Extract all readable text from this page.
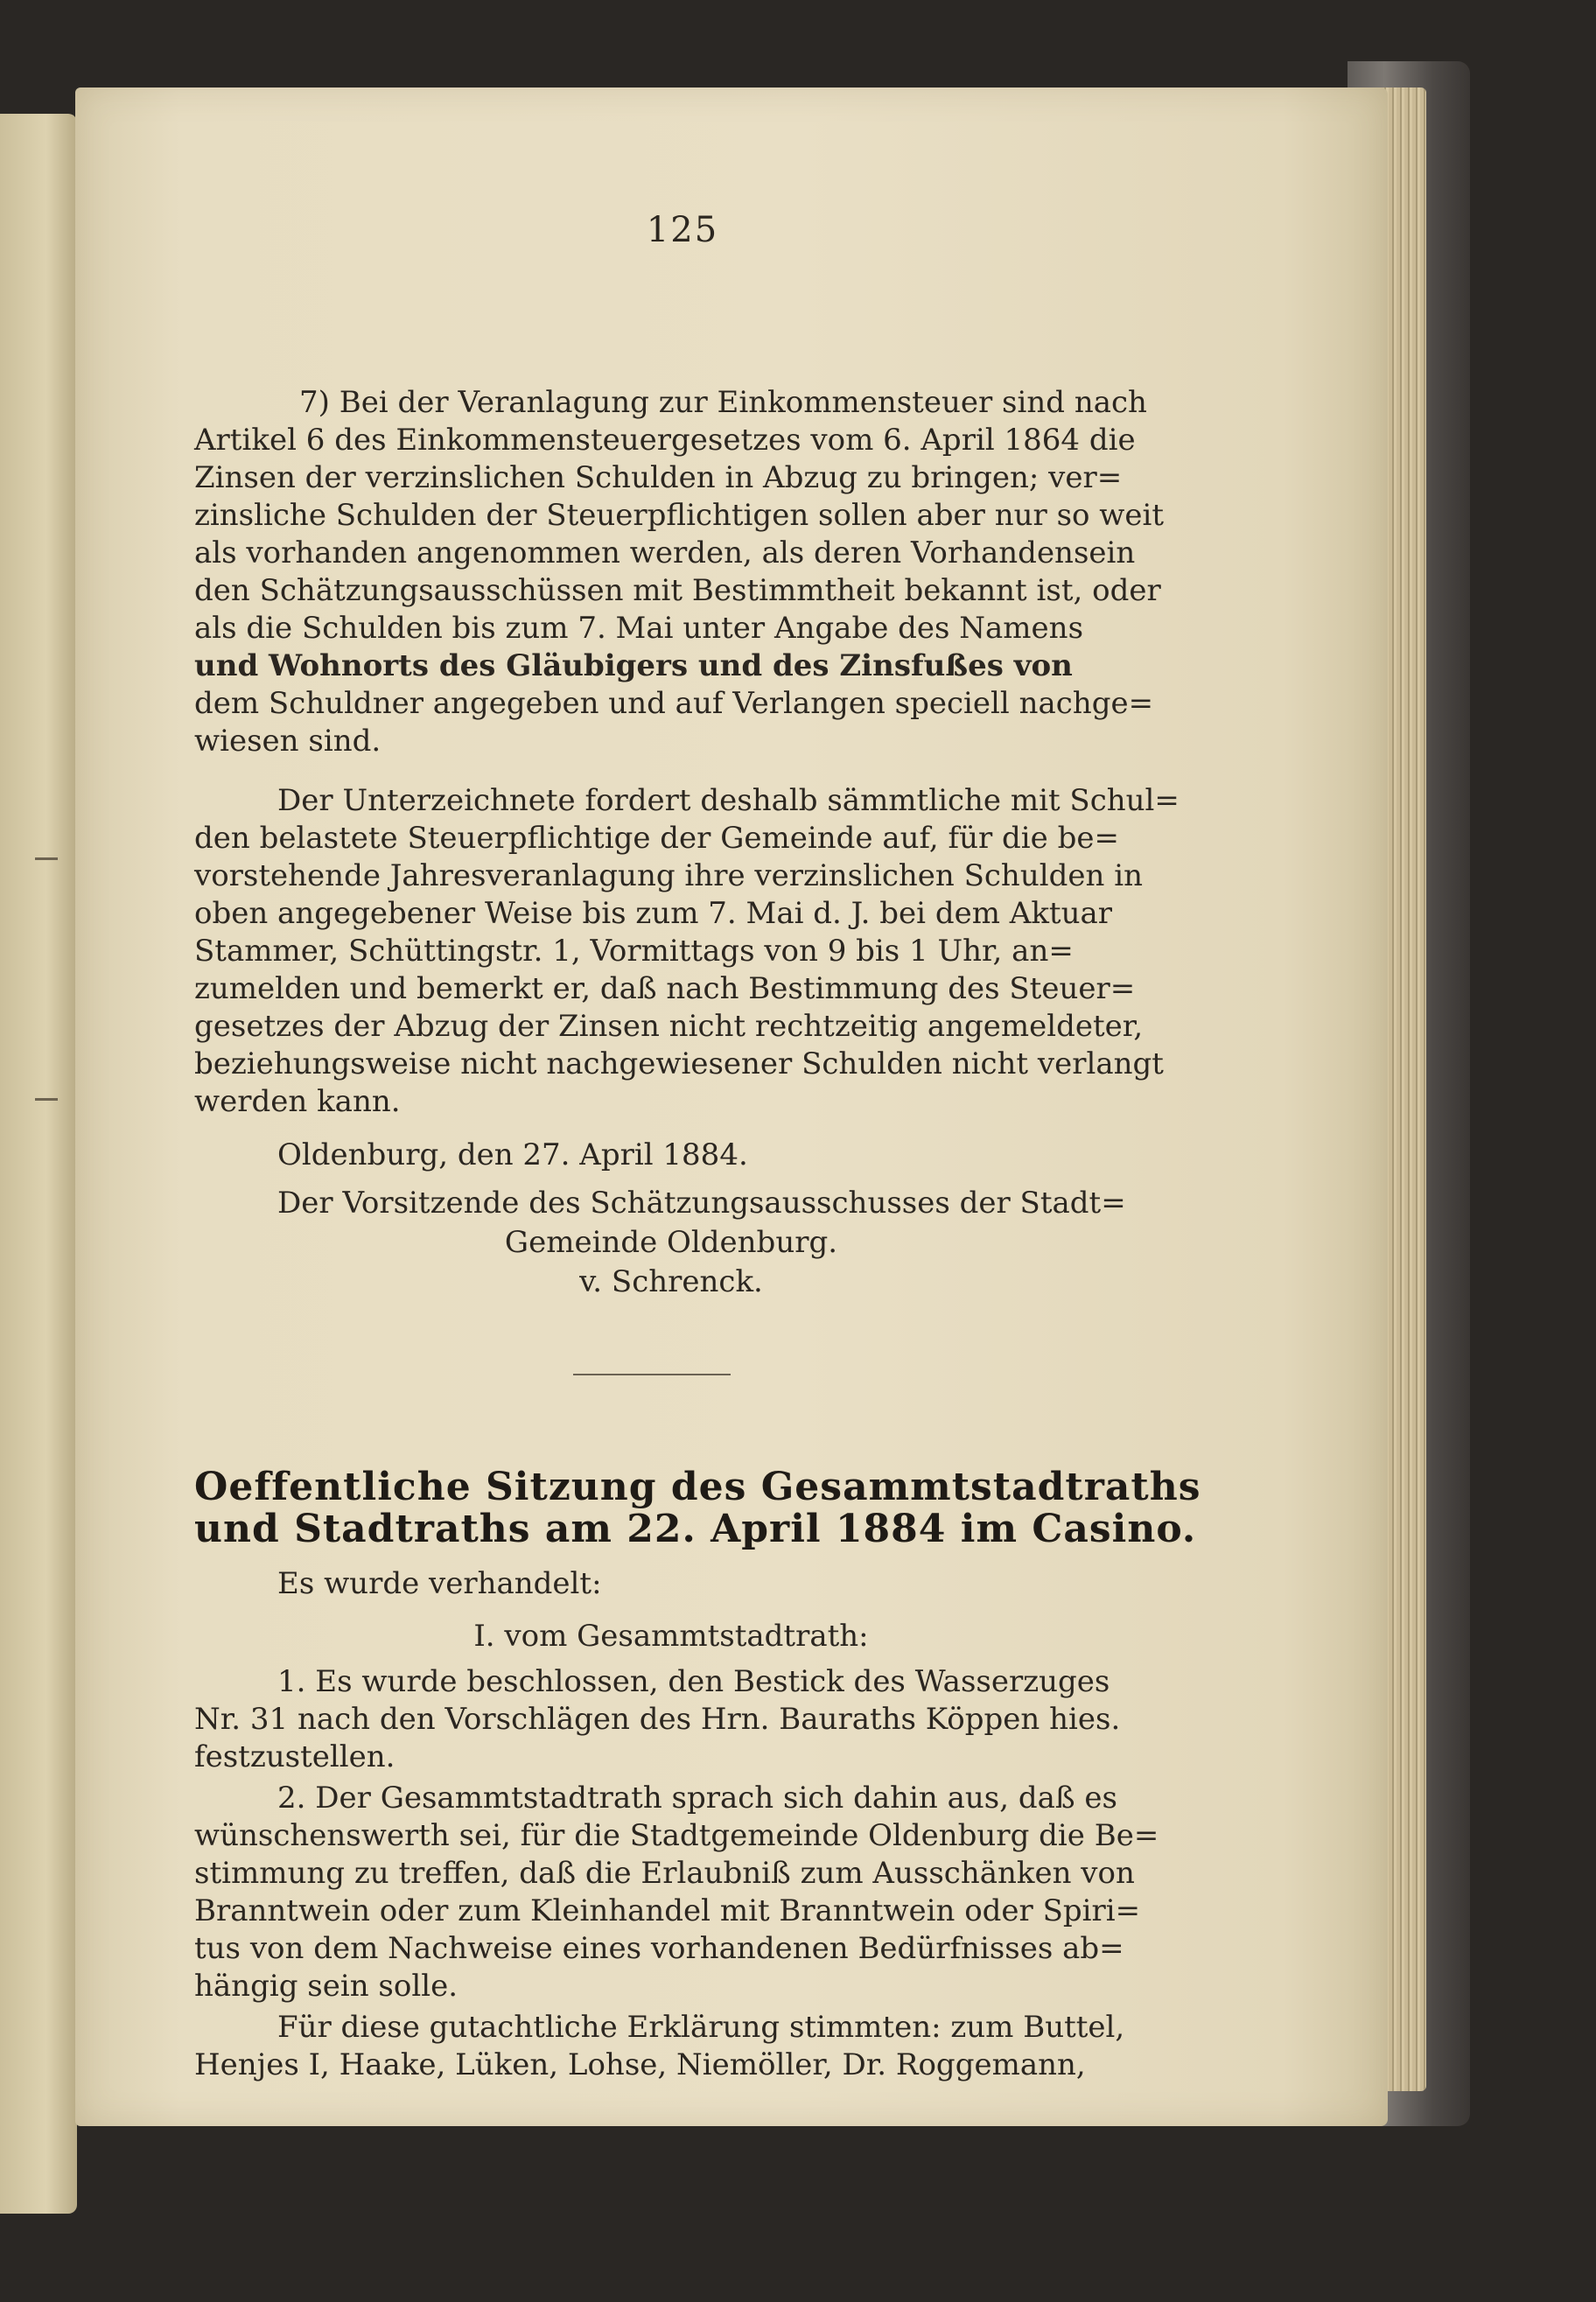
125
7) Bei der Veranlagung zur Einkommensteuer sind nach
Artikel 6 des Einkommensteuergesetzes vom 6. April 1864 die
Zinsen der verzinslichen Schulden in Abzug zu bringen; ver=
zinsliche Schulden der Steuerpflichtigen sollen aber nur so weit
als vorhanden angenommen werden, als deren Vorhandensein
den Schätzungsausschüssen mit Bestimmtheit bekannt ist, oder
als die Schulden bis zum 7. Mai unter Angabe des Namens
und Wohnorts des Gläubigers und des Zinsfußes von
dem Schuldner angegeben und auf Verlangen speciell nachge=
wiesen sind.
Der Unterzeichnete fordert deshalb sämmtliche mit Schul=
den belastete Steuerpflichtige der Gemeinde auf, für die be=
vorstehende Jahresveranlagung ihre verzinslichen Schulden in
oben angegebener Weise bis zum 7. Mai d. J. bei dem Aktuar
Stammer, Schüttingstr. 1, Vormittags von 9 bis 1 Uhr, an=
zumelden und bemerkt er, daß nach Bestimmung des Steuer=
gesetzes der Abzug der Zinsen nicht rechtzeitig angemeldeter,
beziehungsweise nicht nachgewiesener Schulden nicht verlangt
werden kann.
Oldenburg, den 27. April 1884.
Der Vorsitzende des Schätzungsausschusses der Stadt=
Gemeinde Oldenburg.
v. Schrenck.
Oeffentliche Sitzung des Gesammtstadtraths
und Stadtraths am 22. April 1884 im Casino.
Es wurde verhandelt:
I. vom Gesammtstadtrath:
1. Es wurde beschlossen, den Bestick des Wasserzuges
Nr. 31 nach den Vorschlägen des Hrn. Bauraths Köppen hies.
festzustellen.
2. Der Gesammtstadtrath sprach sich dahin aus, daß es
wünschenswerth sei, für die Stadtgemeinde Oldenburg die Be=
stimmung zu treffen, daß die Erlaubniß zum Ausschänken von
Branntwein oder zum Kleinhandel mit Branntwein oder Spiri=
tus von dem Nachweise eines vorhandenen Bedürfnisses ab=
hängig sein solle.
Für diese gutachtliche Erklärung stimmten: zum Buttel,
Henjes I, Haake, Lüken, Lohse, Niemöller, Dr. Roggemann,
